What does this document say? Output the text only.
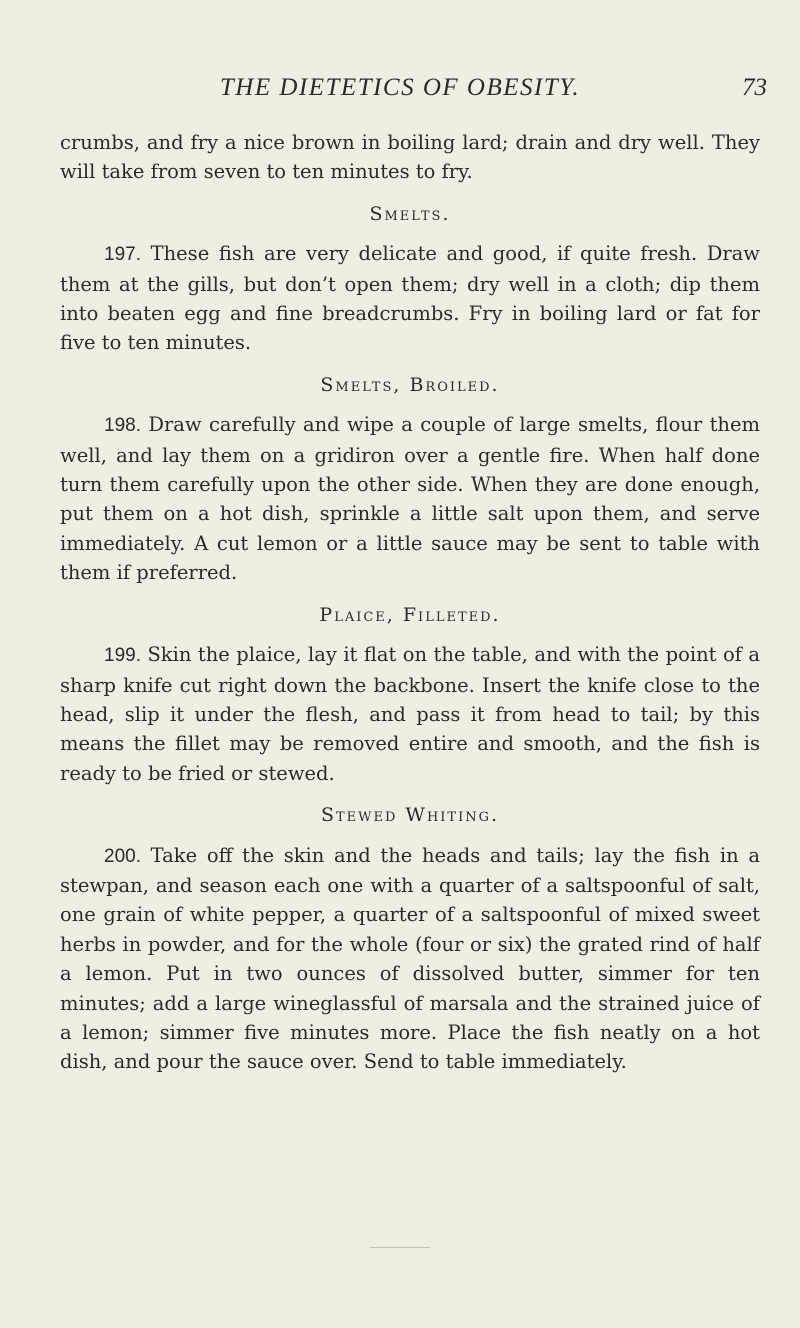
THE DIETETICS OF OBESITY.	73

crumbs, and fry a nice brown in boiling lard; drain and dry well. They will take from seven to ten minutes to fry.

Smelts.

197. These fish are very delicate and good, if quite fresh. Draw them at the gills, but don’t open them; dry well in a cloth; dip them into beaten egg and fine breadcrumbs. Fry in boiling lard or fat for five to ten minutes.

Smelts, Broiled.

198. Draw carefully and wipe a couple of large smelts, flour them well, and lay them on a gridiron over a gentle fire. When half done turn them carefully upon the other side. When they are done enough, put them on a hot dish, sprinkle a little salt upon them, and serve immediately. A cut lemon or a little sauce may be sent to table with them if preferred.

Plaice, Filleted.

199. Skin the plaice, lay it flat on the table, and with the point of a sharp knife cut right down the backbone. Insert the knife close to the head, slip it under the flesh, and pass it from head to tail; by this means the fillet may be removed entire and smooth, and the fish is ready to be fried or stewed.

Stewed Whiting.

200. Take off the skin and the heads and tails; lay the fish in a stewpan, and season each one with a quarter of a saltspoonful of salt, one grain of white pepper, a quarter of a saltspoonful of mixed sweet herbs in powder, and for the whole (four or six) the grated rind of half a lemon. Put in two ounces of dissolved butter, simmer for ten minutes; add a large wineglassful of marsala and the strained juice of a lemon; simmer five minutes more. Place the fish neatly on a hot dish, and pour the sauce over. Send to table immediately.
